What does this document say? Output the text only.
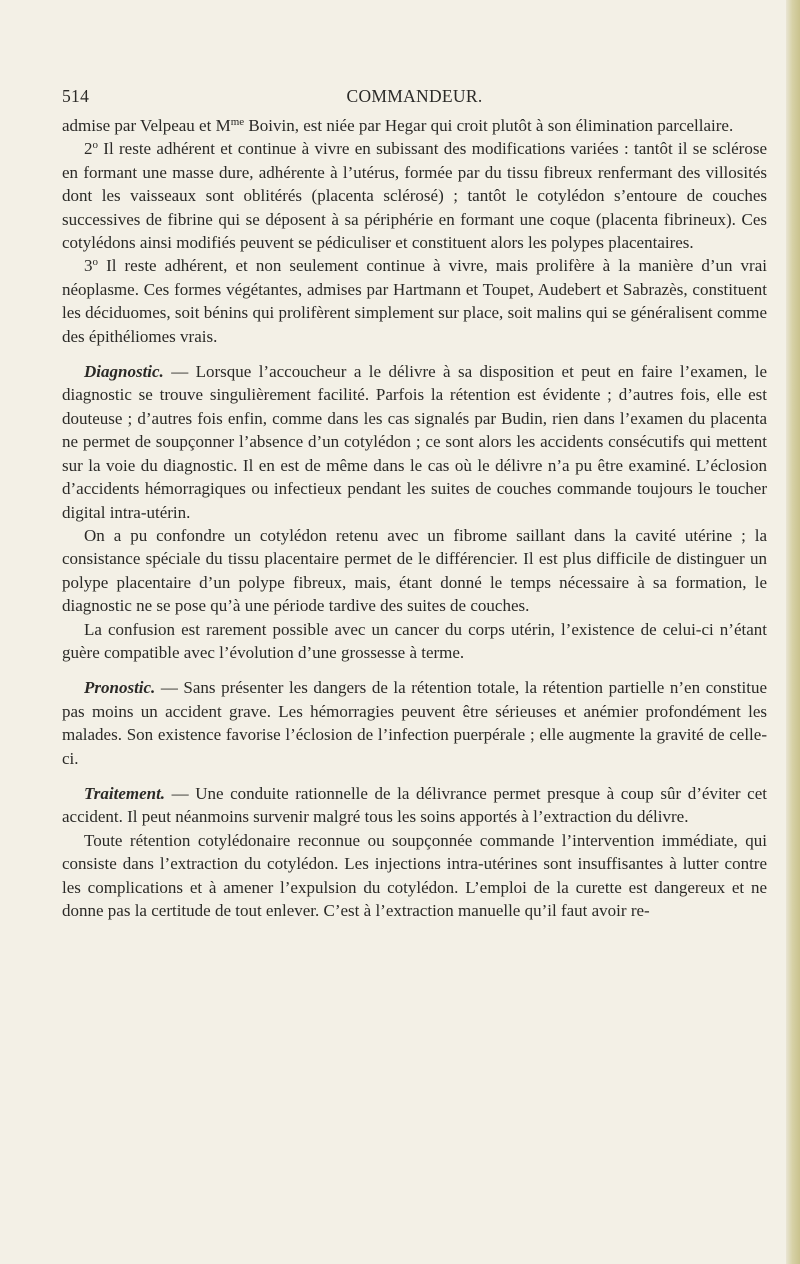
514	COMMANDEUR.

admise par Velpeau et $M^{me}$ Boivin, est niée par Hegar qui croit plutôt à son élimination parcellaire.

2$^o$ Il reste adhérent et continue à vivre en subissant des modifications variées : tantôt il se sclérose en formant une masse dure, adhérente à l’utérus, formée par du tissu fibreux renfermant des villosités dont les vaisseaux sont oblitérés (placenta sclérosé) ; tantôt le cotylédon s’entoure de couches successives de fibrine qui se déposent à sa périphérie en formant une coque (placenta fibrineux). Ces cotylédons ainsi modifiés peuvent se pédiculiser et constituent alors les polypes placentaires.

3$^o$ Il reste adhérent, et non seulement continue à vivre, mais prolifère à la manière d’un vrai néoplasme. Ces formes végétantes, admises par Hartmann et Toupet, Audebert et Sabrazès, constituent les déciduomes, soit bénins qui prolifèrent simplement sur place, soit malins qui se généralisent comme des épithéliomes vrais.

Diagnostic. — Lorsque l’accoucheur a le délivre à sa disposition et peut en faire l’examen, le diagnostic se trouve singulièrement facilité. Parfois la rétention est évidente ; d’autres fois, elle est douteuse ; d’autres fois enfin, comme dans les cas signalés par Budin, rien dans l’examen du placenta ne permet de soupçonner l’absence d’un cotylédon ; ce sont alors les accidents consécutifs qui mettent sur la voie du diagnostic. Il en est de même dans le cas où le délivre n’a pu être examiné. L’éclosion d’accidents hémorragiques ou infectieux pendant les suites de couches commande toujours le toucher digital intra-utérin.

On a pu confondre un cotylédon retenu avec un fibrome saillant dans la cavité utérine ; la consistance spéciale du tissu placentaire permet de le différencier. Il est plus difficile de distinguer un polype placentaire d’un polype fibreux, mais, étant donné le temps nécessaire à sa formation, le diagnostic ne se pose qu’à une période tardive des suites de couches.

La confusion est rarement possible avec un cancer du corps utérin, l’existence de celui-ci n’étant guère compatible avec l’évolution d’une grossesse à terme.

Pronostic. — Sans présenter les dangers de la rétention totale, la rétention partielle n’en constitue pas moins un accident grave. Les hémorragies peuvent être sérieuses et anémier profondément les malades. Son existence favorise l’éclosion de l’infection puerpérale ; elle augmente la gravité de celle-ci.

Traitement. — Une conduite rationnelle de la délivrance permet presque à coup sûr d’éviter cet accident. Il peut néanmoins survenir malgré tous les soins apportés à l’extraction du délivre.

Toute rétention cotylédonaire reconnue ou soupçonnée commande l’intervention immédiate, qui consiste dans l’extraction du cotylédon. Les injections intra-utérines sont insuffisantes à lutter contre les complications et à amener l’expulsion du cotylédon. L’emploi de la curette est dangereux et ne donne pas la certitude de tout enlever. C’est à l’extraction manuelle qu’il faut avoir re-
